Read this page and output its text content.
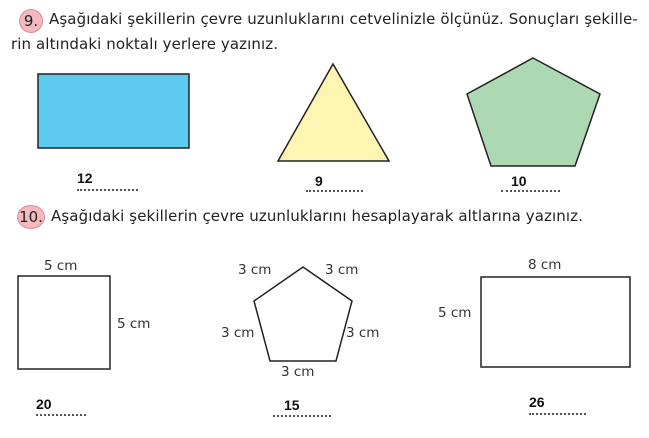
9. Aşağıdaki şekillerin çevre uzunluklarını cetvelinizle ölçünüz. Sonuçları şekille-
rin altındaki noktalı yerlere yazınız.
12	9	10
10. Aşağıdaki şekillerin çevre uzunluklarını hesaplayarak altlarına yazınız.
5 cm
5 cm
20
3 cm	3 cm
3 cm	3 cm
3 cm
15
8 cm
5 cm
26
